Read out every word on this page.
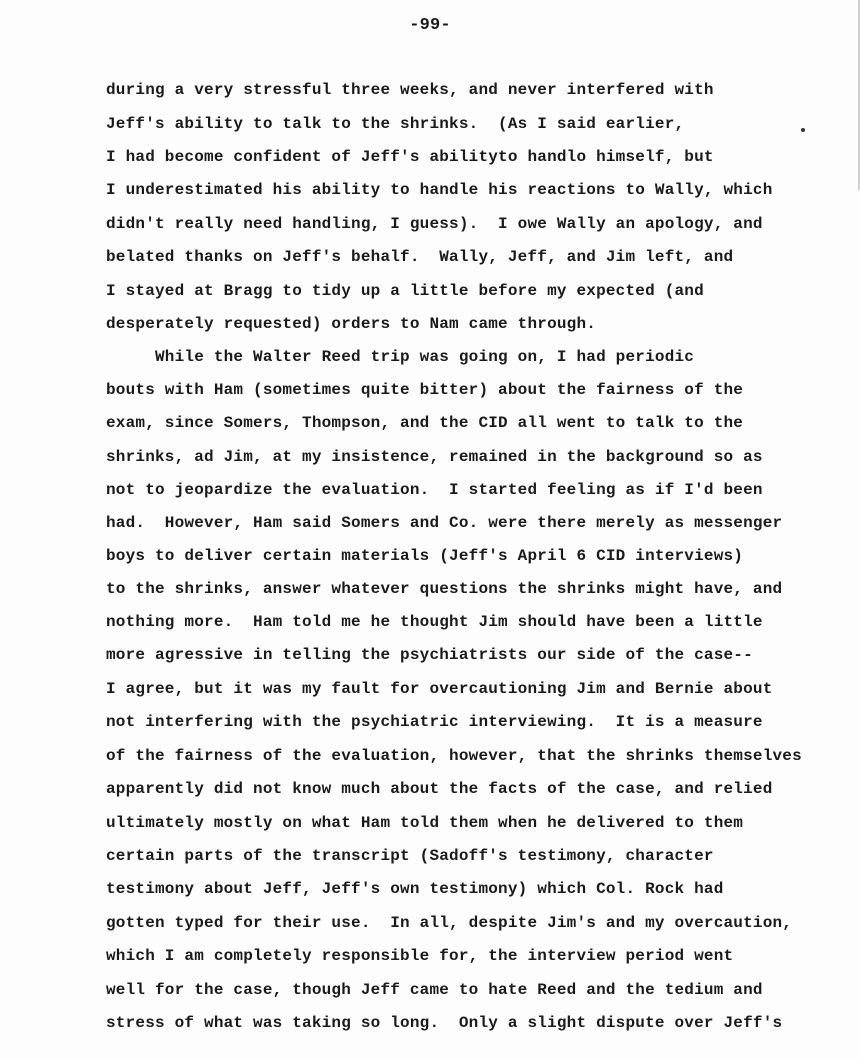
-99-
during a very stressful three weeks, and never interfered with
Jeff's ability to talk to the shrinks.  (As I said earlier,
I had become confident of Jeff's abilityto handlo himself, but
I underestimated his ability to handle his reactions to Wally, which
didn't really need handling, I guess).  I owe Wally an apology, and
belated thanks on Jeff's behalf.  Wally, Jeff, and Jim left, and
I stayed at Bragg to tidy up a little before my expected (and
desperately requested) orders to Nam came through.
While the Walter Reed trip was going on, I had periodic
bouts with Ham (sometimes quite bitter) about the fairness of the
exam, since Somers, Thompson, and the CID all went to talk to the
shrinks, ad Jim, at my insistence, remained in the background so as
not to jeopardize the evaluation.  I started feeling as if I'd been
had.  However, Ham said Somers and Co. were there merely as messenger
boys to deliver certain materials (Jeff's April 6 CID interviews)
to the shrinks, answer whatever questions the shrinks might have, and
nothing more.  Ham told me he thought Jim should have been a little
more agressive in telling the psychiatrists our side of the case--
I agree, but it was my fault for overcautioning Jim and Bernie about
not interfering with the psychiatric interviewing.  It is a measure
of the fairness of the evaluation, however, that the shrinks themselves
apparently did not know much about the facts of the case, and relied
ultimately mostly on what Ham told them when he delivered to them
certain parts of the transcript (Sadoff's testimony, character
testimony about Jeff, Jeff's own testimony) which Col. Rock had
gotten typed for their use.  In all, despite Jim's and my overcaution,
which I am completely responsible for, the interview period went
well for the case, though Jeff came to hate Reed and the tedium and
stress of what was taking so long.  Only a slight dispute over Jeff's
